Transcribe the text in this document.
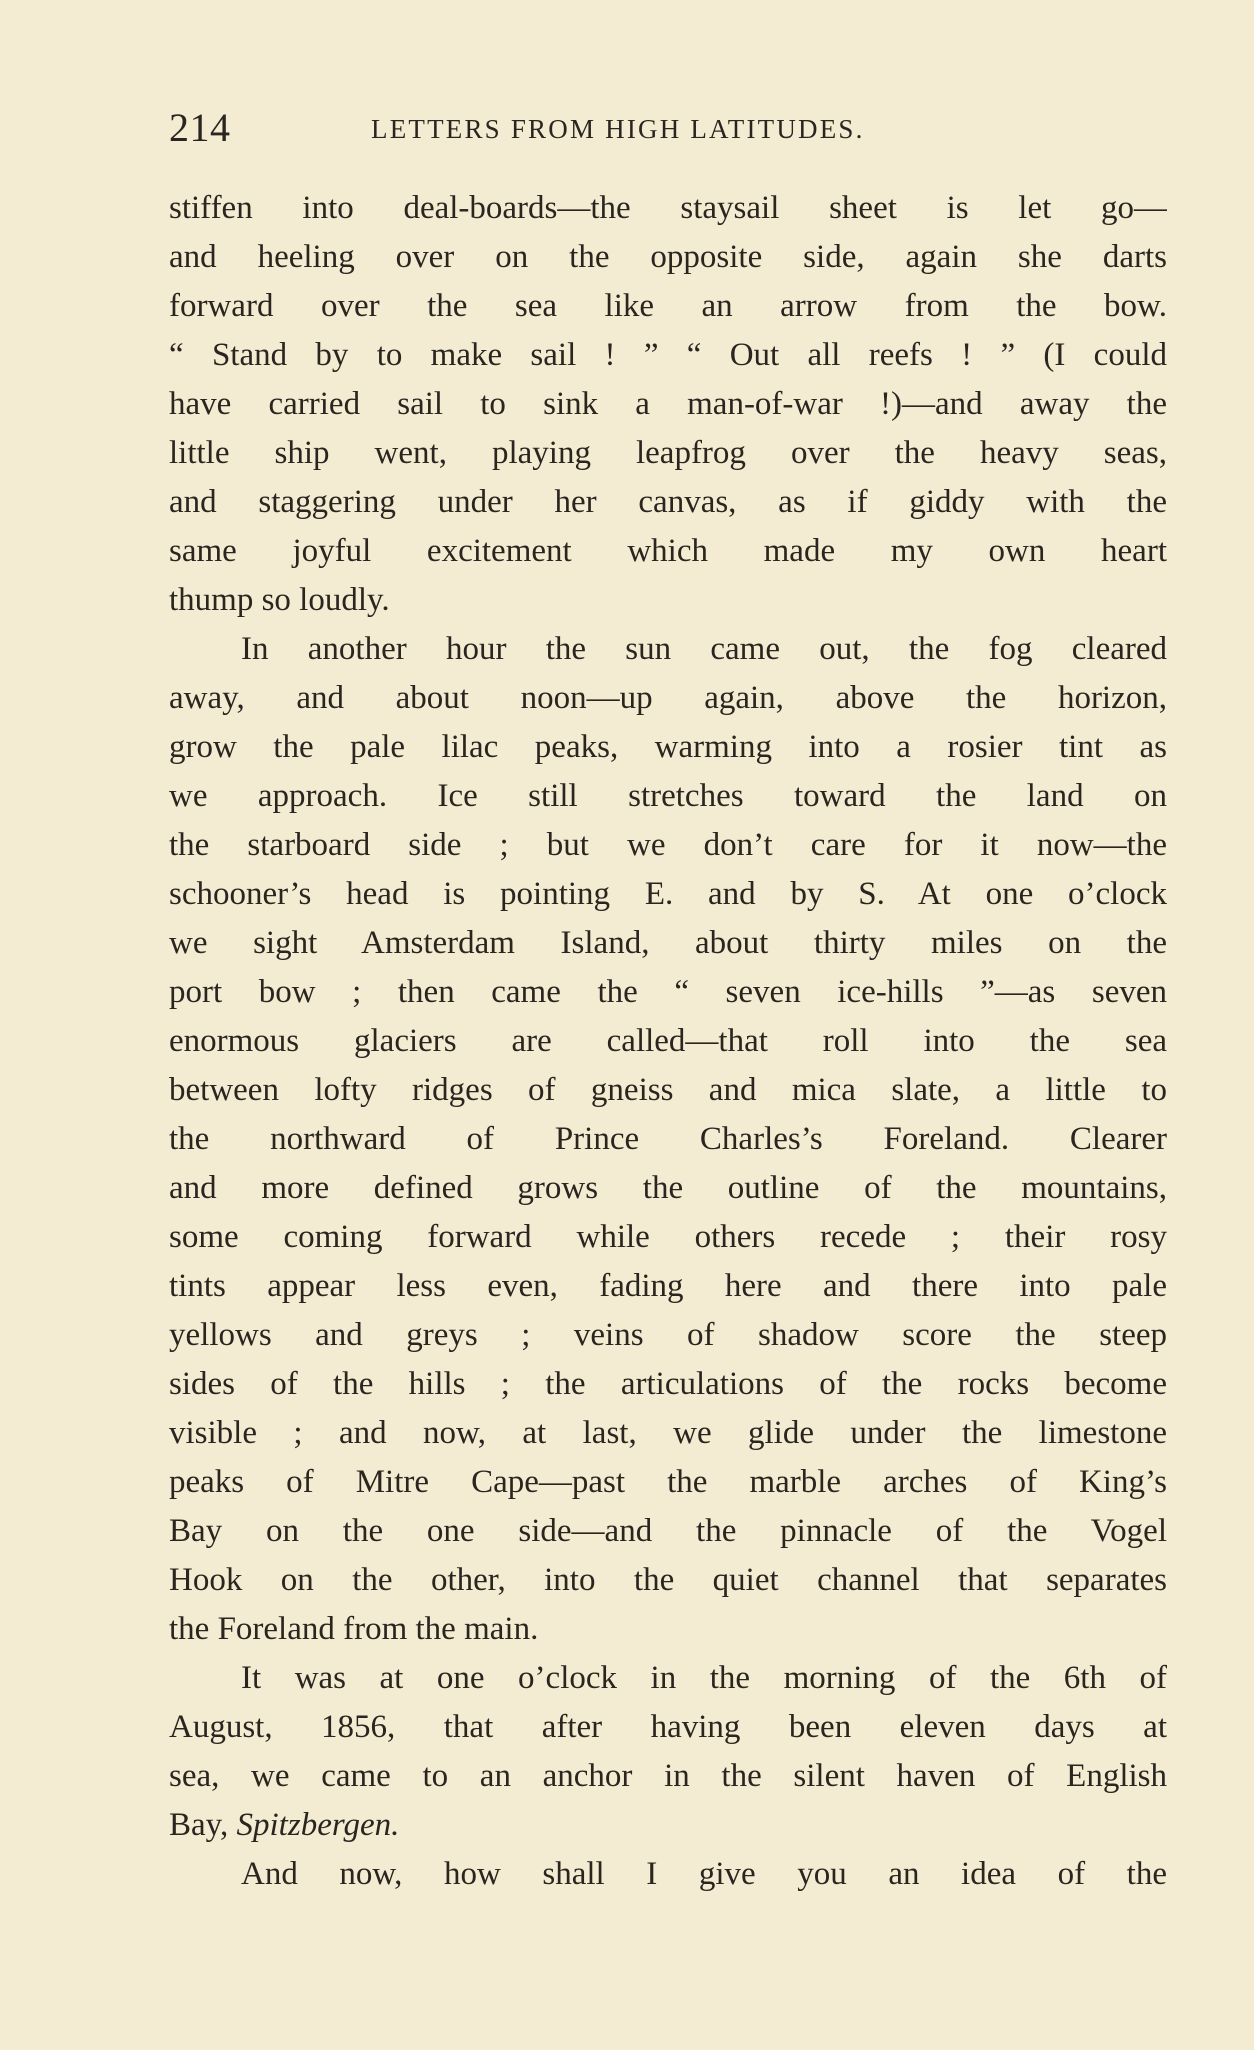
214	LETTERS FROM HIGH LATITUDES.
stiffen into deal-boards—the staysail sheet is let go—
and heeling over on the opposite side, again she darts
forward over the sea like an arrow from the bow.
“ Stand by to make sail ! ” “ Out all reefs ! ” (I could
have carried sail to sink a man-of-war !)—and away the
little ship went, playing leapfrog over the heavy seas,
and staggering under her canvas, as if giddy with the
same joyful excitement which made my own heart
thump so loudly.
In another hour the sun came out, the fog cleared
away, and about noon—up again, above the horizon,
grow the pale lilac peaks, warming into a rosier tint as
we approach. Ice still stretches toward the land on
the starboard side ; but we don’t care for it now—the
schooner’s head is pointing E. and by S. At one o’clock
we sight Amsterdam Island, about thirty miles on the
port bow ; then came the “ seven ice-hills ”—as seven
enormous glaciers are called—that roll into the sea
between lofty ridges of gneiss and mica slate, a little to
the northward of Prince Charles’s Foreland. Clearer
and more defined grows the outline of the mountains,
some coming forward while others recede ; their rosy
tints appear less even, fading here and there into pale
yellows and greys ; veins of shadow score the steep
sides of the hills ; the articulations of the rocks become
visible ; and now, at last, we glide under the limestone
peaks of Mitre Cape—past the marble arches of King’s
Bay on the one side—and the pinnacle of the Vogel
Hook on the other, into the quiet channel that separates
the Foreland from the main.
It was at one o’clock in the morning of the 6th of
August, 1856, that after having been eleven days at
sea, we came to an anchor in the silent haven of English
Bay, Spitzbergen.
And now, how shall I give you an idea of the
